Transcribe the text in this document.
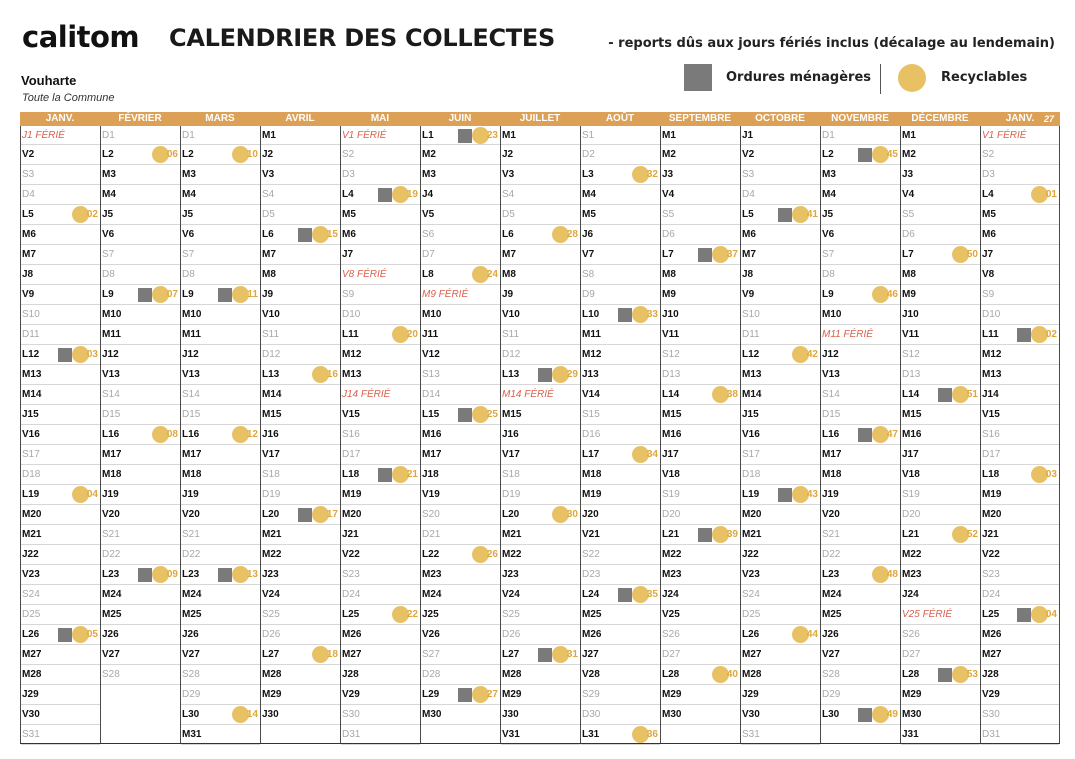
calitom CALENDRIER DES COLLECTES	- reports dûs aux jours fériés inclus (décalage au lendemain)
Vouharte
Toute la Commune
Ordures ménagères	Recyclables
JANV.
J1 FÉRIÉ
V2
S3
D4
L5	02
M6
M7
J8
V9
S10
D11
L12	03
M13
M14
J15
V16
S17
D18
L19	04
M20
M21
J22
V23
S24
D25
L26	05
M27
M28
J29
V30
S31
FÉVRIER
D1
L2	06
M3
M4
J5
V6
S7
D8
L9	07
M10
M11
J12
V13
S14
D15
L16	08
M17
M18
J19
V20
S21
D22
L23	09
M24
M25
J26
V27
S28
MARS
D1
L2	10
M3
M4
J5
V6
S7
D8
L9	11
M10
M11
J12
V13
S14
D15
L16	12
M17
M18
J19
V20
S21
D22
L23	13
M24
M25
J26
V27
S28
D29
L30	14
M31
AVRIL
M1
J2
V3
S4
D5
L6	15
M7
M8
J9
V10
S11
D12
L13	16
M14
M15
J16
V17
S18
D19
L20	17
M21
M22
J23
V24
S25
D26
L27	18
M28
M29
J30
MAI
V1 FÉRIÉ
S2
D3
L4	19
M5
M6
J7
V8 FÉRIÉ
S9
D10
L11	20
M12
M13
J14 FÉRIÉ
V15
S16
D17
L18	21
M19
M20
J21
V22
S23
D24
L25	22
M26
M27
J28
V29
S30
D31
JUIN
L1	23
M2
M3
J4
V5
S6
D7
L8	24
M9 FÉRIÉ
M10
J11
V12
S13
D14
L15	25
M16
M17
J18
V19
S20
D21
L22	26
M23
M24
J25
V26
S27
D28
L29	27
M30
JUILLET
M1
J2
V3
S4
D5
L6	28
M7
M8
J9
V10
S11
D12
L13	29
M14 FÉRIÉ
M15
J16
V17
S18
D19
L20	30
M21
M22
J23
V24
S25
D26
L27	31
M28
M29
J30
V31
AOÛT
S1
D2
L3	32
M4
M5
J6
V7
S8
D9
L10	33
M11
M12
J13
V14
S15
D16
L17	34
M18
M19
J20
V21
S22
D23
L24	35
M25
M26
J27
V28
S29
D30
L31	36
SEPTEMBRE
M1
M2
J3
V4
S5
D6
L7	37
M8
M9
J10
V11
S12
D13
L14	38
M15
M16
J17
V18
S19
D20
L21	39
M22
M23
J24
V25
S26
D27
L28	40
M29
M30
OCTOBRE
J1
V2
S3
D4
L5	41
M6
M7
J8
V9
S10
D11
L12	42
M13
M14
J15
V16
S17
D18
L19	43
M20
M21
J22
V23
S24
D25
L26	44
M27
M28
J29
V30
S31
NOVEMBRE
D1
L2	45
M3
M4
J5
V6
S7
D8
L9	46
M10
M11 FÉRIÉ
J12
V13
S14
D15
L16	47
M17
M18
J19
V20
S21
D22
L23	48
M24
M25
J26
V27
S28
D29
L30	49
DÉCEMBRE
M1
M2
J3
V4
S5
D6
L7	50
M8
M9
J10
V11
S12
D13
L14	51
M15
M16
J17
V18
S19
D20
L21	52
M22
M23
J24
V25 FÉRIÉ
S26
D27
L28	53
M29
M30
J31
JANV. 27
V1 FÉRIÉ
S2
D3
L4	01
M5
M6
J7
V8
S9
D10
L11	02
M12
M13
J14
V15
S16
D17
L18	03
M19
M20
J21
V22
S23
D24
L25	04
M26
M27
J28
V29
S30
D31
